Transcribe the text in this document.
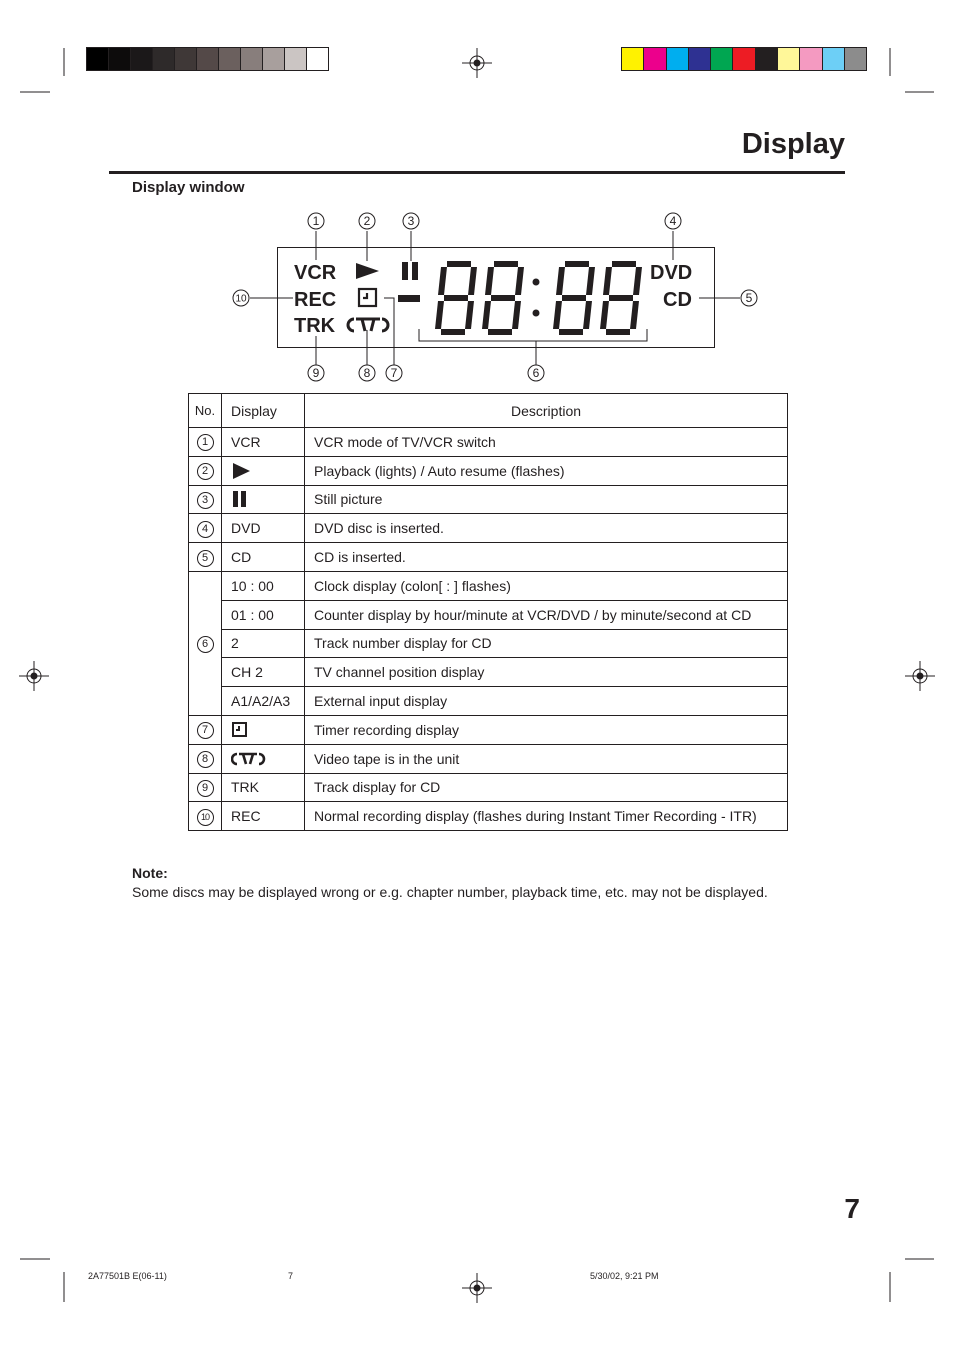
Display
Display window
1	2	3	4
5
6
7
8
9
10
VCR
REC
TRK
DVD
CD
No.	Display	Description
1	VCR	VCR mode of TV/VCR switch
2		Playback (lights) / Auto resume (flashes)
3		Still picture
4	DVD	DVD disc is inserted.
5	CD	CD is inserted.
6	10 : 00	Clock display (colon[ : ] flashes)
	01 : 00	Counter display by hour/minute at VCR/DVD / by minute/second at CD
	2	Track number display for CD
	CH 2	TV channel position display
	A1/A2/A3	External input display
7		Timer recording display
8		Video tape is in the unit
9	TRK	Track display for CD
10	REC	Normal recording display (flashes during Instant Timer Recording - ITR)
Note:
Some discs may be displayed wrong or e.g. chapter number, playback time, etc. may not be displayed.
7
2A77501B E(06-11)	7	5/30/02, 9:21 PM
